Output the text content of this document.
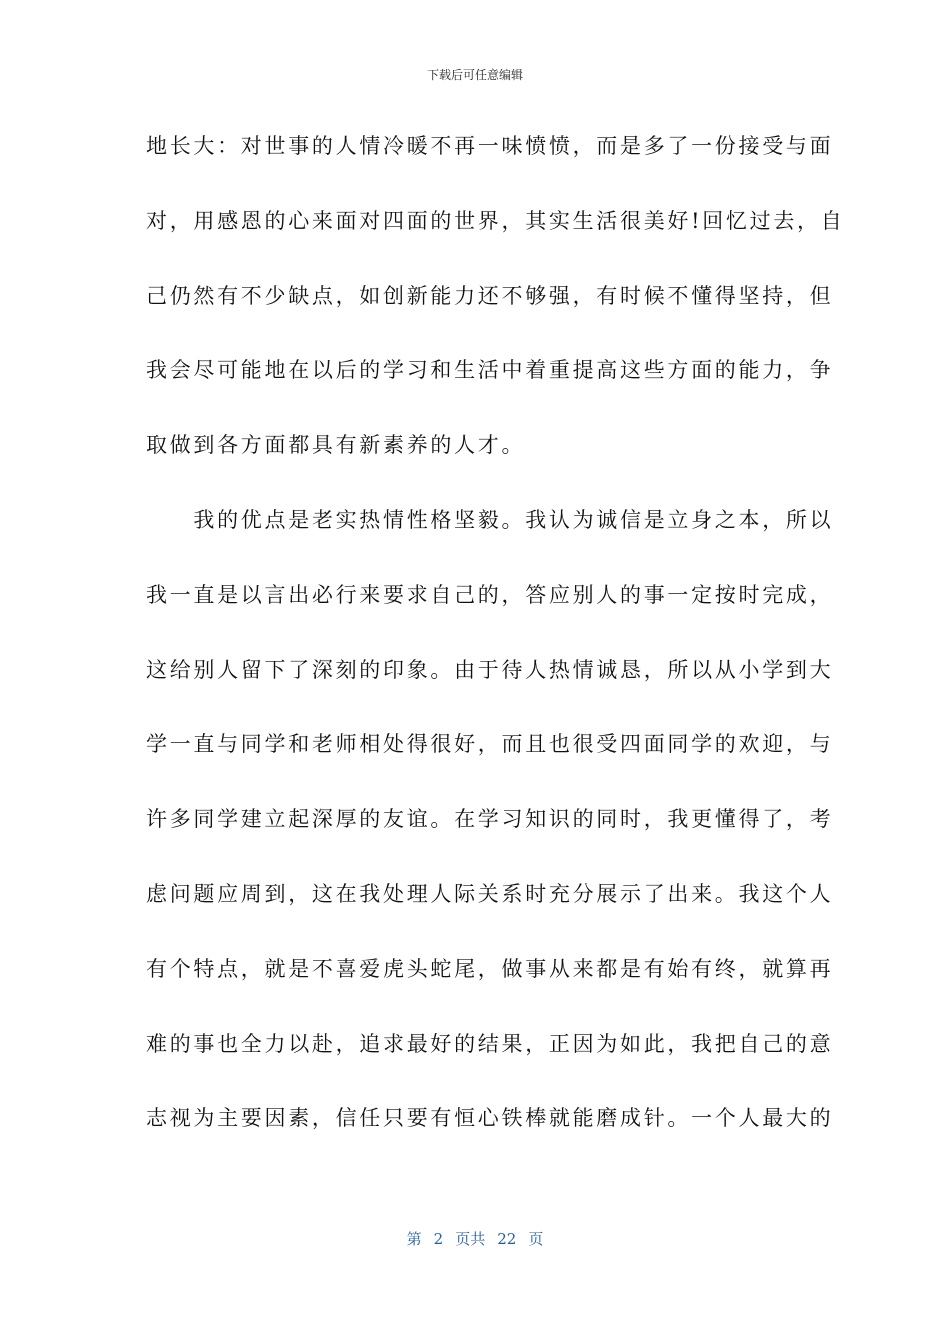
下载后可任意编辑
地长大：对世事的人情冷暖不再一味愤愤，而是多了一份接受与面
对，用感恩的心来面对四面的世界，其实生活很美好!回忆过去，自
己仍然有不少缺点，如创新能力还不够强，有时候不懂得坚持，但
我会尽可能地在以后的学习和生活中着重提高这些方面的能力，争
取做到各方面都具有新素养的人才。
　　我的优点是老实热情性格坚毅。我认为诚信是立身之本，所以
我一直是以言出必行来要求自己的，答应别人的事一定按时完成，
这给别人留下了深刻的印象。由于待人热情诚恳，所以从小学到大
学一直与同学和老师相处得很好，而且也很受四面同学的欢迎，与
许多同学建立起深厚的友谊。在学习知识的同时，我更懂得了，考
虑问题应周到，这在我处理人际关系时充分展示了出来。我这个人
有个特点，就是不喜爱虎头蛇尾，做事从来都是有始有终，就算再
难的事也全力以赴，追求最好的结果，正因为如此，我把自己的意
志视为主要因素，信任只要有恒心铁棒就能磨成针。一个人最大的
第 2 页共 22 页
